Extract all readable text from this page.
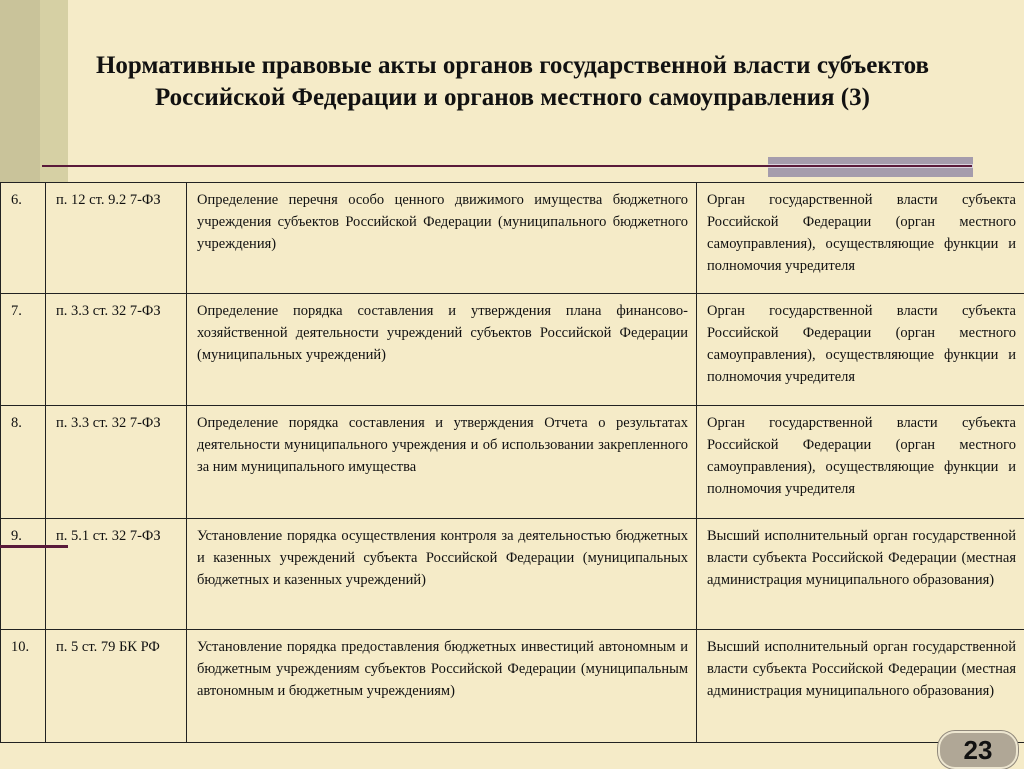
Нормативные правовые акты органов государственной власти субъектов Российской Федерации и органов местного самоуправления (3)
6.	п. 12 ст. 9.2 7-ФЗ	Определение перечня особо ценного движимого имущества бюджетного учреждения субъектов Российской Федерации (муниципального бюджетного учреждения)	Орган государственной власти субъекта Российской Федерации (орган местного самоуправления), осуществляющие функции и полномочия учредителя
7.	п. 3.3 ст. 32 7-ФЗ	Определение порядка составления и утверждения плана финансово-хозяйственной деятельности учреждений субъектов Российской Федерации (муниципальных учреждений)	Орган государственной власти субъекта Российской Федерации (орган местного самоуправления), осуществляющие функции и полномочия учредителя
8.	п. 3.3 ст. 32 7-ФЗ	Определение порядка составления и утверждения Отчета о результатах деятельности муниципального учреждения и об использовании закрепленного за ним муниципального имущества	Орган государственной власти субъекта Российской Федерации (орган местного самоуправления), осуществляющие функции и полномочия учредителя
9.	п. 5.1 ст. 32 7-ФЗ	Установление порядка осуществления контроля за деятельностью бюджетных и казенных учреждений субъекта Российской Федерации (муниципальных бюджетных и казенных учреждений)	Высший исполнительный орган государственной власти субъекта Российской Федерации (местная администрация муниципального образования)
10.	п. 5 ст. 79 БК РФ	Установление порядка предоставления бюджетных инвестиций автономным и бюджетным учреждениям субъектов Российской Федерации (муниципальным автономным и бюджетным учреждениям)	Высший исполнительный орган государственной власти субъекта Российской Федерации (местная администрация муниципального образования)
23
